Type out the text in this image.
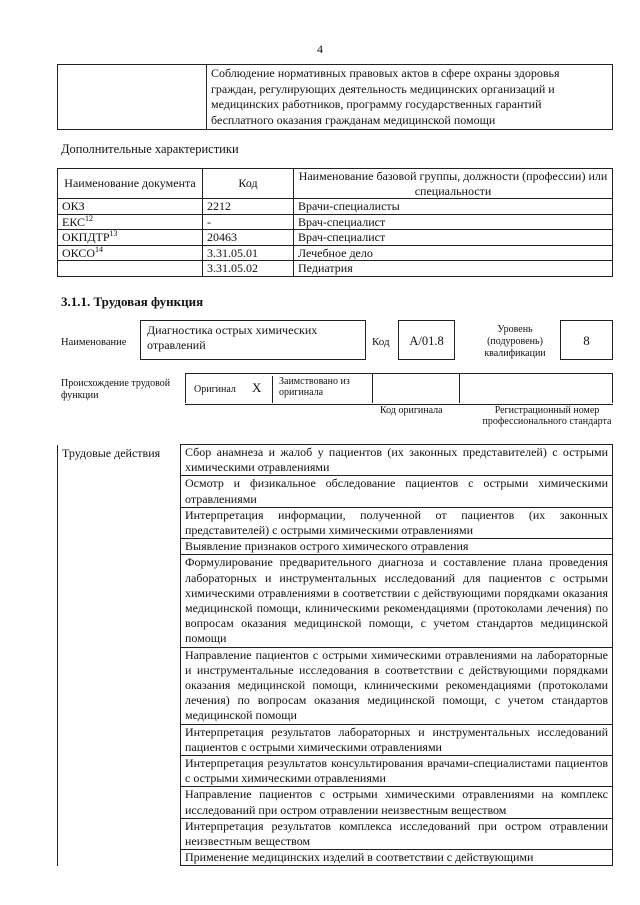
4
	Соблюдение нормативных правовых актов в сфере охраны здоровья граждан, регулирующих деятельность медицинских организаций и медицинских работников, программу государственных гарантий бесплатного оказания гражданам медицинской помощи
Дополнительные характеристики
Наименование документа	Код	Наименование базовой группы, должности (профессии) или специальности
ОКЗ	2212	Врачи-специалисты
ЕКС$^{12}$	-	Врач-специалист
ОКПДТР$^{13}$	20463	Врач-специалист
ОКСО$^{14}$	3.31.05.01	Лечебное дело
	3.31.05.02	Педиатрия
3.1.1. Трудовая функция
Наименование
Диагностика острых химических отравлений	Код	A/01.8
Уровень (подуровень) квалификации
8
Происхождение трудовой функции
Оригинал X	Заимствовано из оригинала
Код оригинала	Регистрационный номер профессионального стандарта
Трудовые действия	Сбор анамнеза и жалоб у пациентов (их законных представителей) с острыми химическими отравлениями
Осмотр и физикальное обследование пациентов с острыми химическими отравлениями
Интерпретация информации, полученной от пациентов (их законных представителей) с острыми химическими отравлениями
Выявление признаков острого химического отравления
Формулирование предварительного диагноза и составление плана проведения лабораторных и инструментальных исследований для пациентов с острыми химическими отравлениями в соответствии с действующими порядками оказания медицинской помощи, клиническими рекомендациями (протоколами лечения) по вопросам оказания медицинской помощи, с учетом стандартов медицинской помощи
Направление пациентов с острыми химическими отравлениями на лабораторные и инструментальные исследования в соответствии с действующими порядками оказания медицинской помощи, клиническими рекомендациями (протоколами лечения) по вопросам оказания медицинской помощи, с учетом стандартов медицинской помощи
Интерпретация результатов лабораторных и инструментальных исследований пациентов с острыми химическими отравлениями
Интерпретация результатов консультирования врачами-специалистами пациентов с острыми химическими отравлениями
Направление пациентов с острыми химическими отравлениями на комплекс исследований при остром отравлении неизвестным веществом
Интерпретация результатов комплекса исследований при остром отравлении неизвестным веществом
Применение медицинских изделий в соответствии с действующими
